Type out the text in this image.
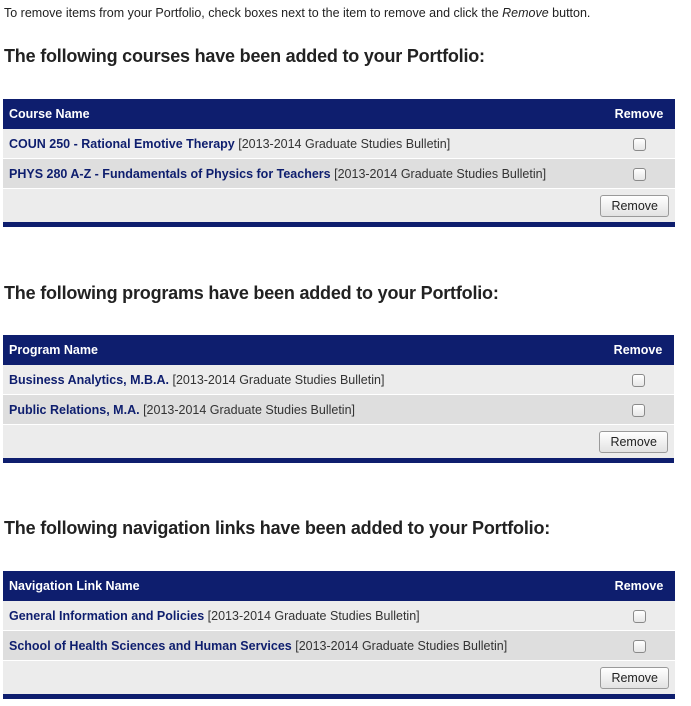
To remove items from your Portfolio, check boxes next to the item to remove and click the Remove button.

The following courses have been added to your Portfolio:
Course Name	Remove
COUN 250 - Rational Emotive Therapy [2013-2014 Graduate Studies Bulletin]	
PHYS 280 A-Z - Fundamentals of Physics for Teachers [2013-2014 Graduate Studies Bulletin]	
Remove	
The following programs have been added to your Portfolio:
Program Name	Remove
Business Analytics, M.B.A. [2013-2014 Graduate Studies Bulletin]	
Public Relations, M.A. [2013-2014 Graduate Studies Bulletin]	
Remove	
The following navigation links have been added to your Portfolio:
Navigation Link Name	Remove
General Information and Policies [2013-2014 Graduate Studies Bulletin]	
School of Health Sciences and Human Services [2013-2014 Graduate Studies Bulletin]	
Remove	
